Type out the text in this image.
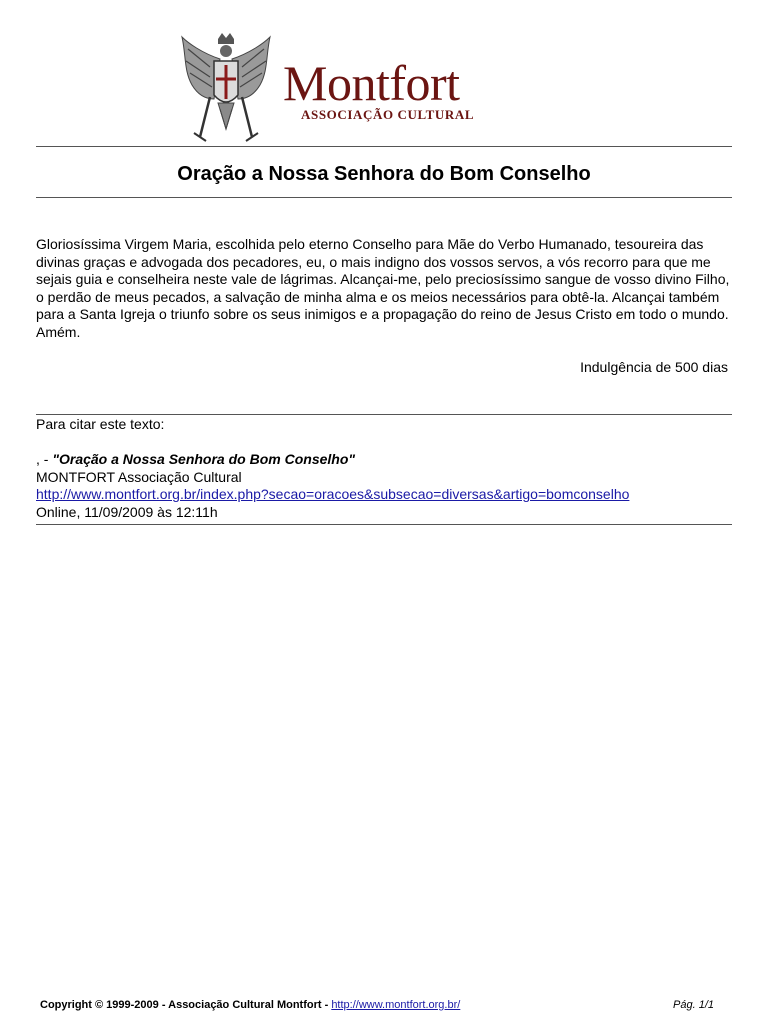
Montfort
ASSOCIAÇÃO CULTURAL
Oração a Nossa Senhora do Bom Conselho

Gloriosíssima Virgem Maria, escolhida pelo eterno Conselho para Mãe do Verbo Humanado, tesoureira das divinas graças e advogada dos pecadores, eu, o mais indigno dos vossos servos, a vós recorro para que me sejais guia e conselheira neste vale de lágrimas. Alcançai-me, pelo preciosíssimo sangue de vosso divino Filho, o perdão de meus pecados, a salvação de minha alma e os meios necessários para obtê-la. Alcançai também para a Santa Igreja o triunfo sobre os seus inimigos e a propagação do reino de Jesus Cristo em todo o mundo. Amém.

Indulgência de 500 dias
Para citar este texto:

, - "Oração a Nossa Senhora do Bom Conselho"
MONTFORT Associação Cultural
http://www.montfort.org.br/index.php?secao=oracoes&subsecao=diversas&artigo=bomconselho
Online, 11/09/2009 às 12:11h
Copyright © 1999-2009 - Associação Cultural Montfort - http://www.montfort.org.br/	Pág. 1/1
